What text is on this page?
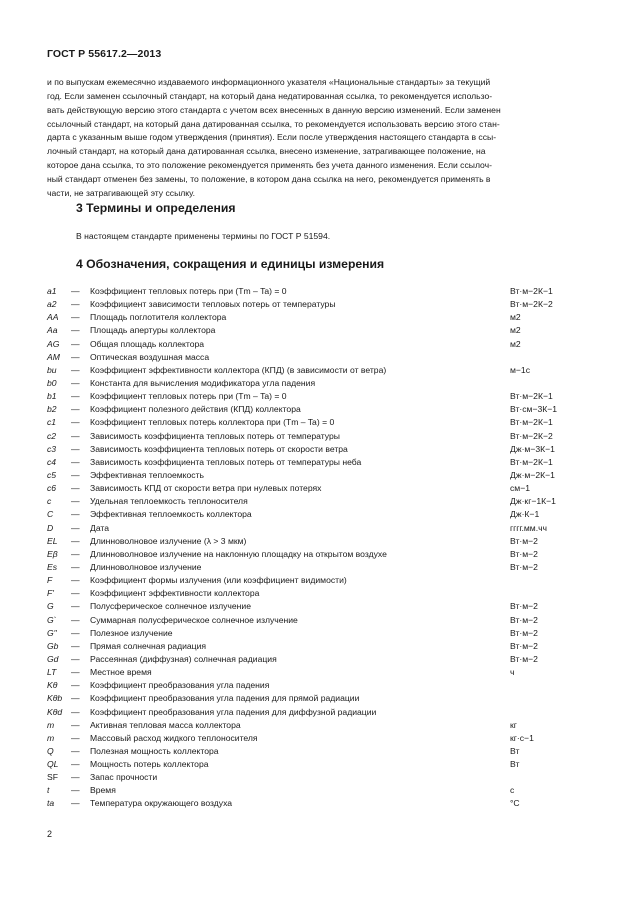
ГОСТ Р 55617.2—2013

и по выпускам ежемесячно издаваемого информационного указателя «Национальные стандарты» за текущий

год. Если заменен ссылочный стандарт, на который дана недатированная ссылка, то рекомендуется использо-

вать действующую версию этого стандарта с учетом всех внесенных в данную версию изменений. Если заменен

ссылочный стандарт, на который дана датированная ссылка, то рекомендуется использовать версию этого стан-

дарта с указанным выше годом утверждения (принятия). Если после утверждения настоящего стандарта в ссы-

лочный стандарт, на который дана датированная ссылка, внесено изменение, затрагивающее положение, на

которое дана ссылка, то это положение рекомендуется применять без учета данного изменения. Если ссылоч-

ный стандарт отменен без замены, то положение, в котором дана ссылка на него, рекомендуется применять в

части, не затрагивающей эту ссылку.

3 Термины и определения
В настоящем стандарте применены термины по ГОСТ Р 51594.
4 Обозначения, сокращения и единицы измерения
a1 — Коэффициент тепловых потерь при (Tm – Ta) = 0	Вт·м−2К−1
a2 — Коэффициент зависимости тепловых потерь от температуры	Вт·м−2К−2
AA — Площадь поглотителя коллектора	м2
Aa — Площадь апертуры коллектора	м2
AG — Общая площадь коллектора	м2
AM — Оптическая воздушная масса
bu — Коэффициент эффективности коллектора (КПД) (в зависимости от ветра)	м−1с
b0 — Константа для вычисления модификатора угла падения
b1 — Коэффициент тепловых потерь при (Tm – Ta) = 0	Вт·м−2К−1
b2 — Коэффициент полезного действия (КПД) коллектора	Вт·см−3К−1
c1 — Коэффициент тепловых потерь коллектора при (Tm – Ta) = 0	Вт·м−2К−1
c2 — Зависимость коэффициента тепловых потерь от температуры	Вт·м−2К−2
c3 — Зависимость коэффициента тепловых потерь от скорости ветра	Дж·м−3К−1
c4 — Зависимость коэффициента тепловых потерь от температуры неба	Вт·м−2К−1
c5 — Эффективная теплоемкость	Дж·м−2К−1
c6 — Зависимость КПД от скорости ветра при нулевых потерях	см−1
c — Удельная теплоемкость теплоносителя	Дж·кг−1К−1
C — Эффективная теплоемкость коллектора	Дж·К−1
D — Дата	гггг.мм.чч
EL — Длинноволновое излучение (λ > 3 мкм)	Вт·м−2
Eβ — Длинноволновое излучение на наклонную площадку на открытом воздухе	Вт·м−2
Es — Длинноволновое излучение	Вт·м−2
F — Коэффициент формы излучения (или коэффициент видимости)
F' — Коэффициент эффективности коллектора
G — Полусферическое солнечное излучение	Вт·м−2
G` — Суммарная полусферическое солнечное излучение	Вт·м−2
G" — Полезное излучение	Вт·м−2
Gb — Прямая солнечная радиация	Вт·м−2
Gd — Рассеянная (диффузная) солнечная радиация	Вт·м−2
LT — Местное время	ч
Kθ — Коэффициент преобразования угла падения
Kθb — Коэффициент преобразования угла падения для прямой радиации
Kθd — Коэффициент преобразования угла падения для диффузной радиации
m — Активная тепловая масса коллектора	кг
m — Массовый расход жидкого теплоносителя	кг·с−1
Q — Полезная мощность коллектора	Вт
QL — Мощность потерь коллектора	Вт
SF — Запас прочности
t	— Время	с
ta — Температура окружающего воздуха	°С
2
